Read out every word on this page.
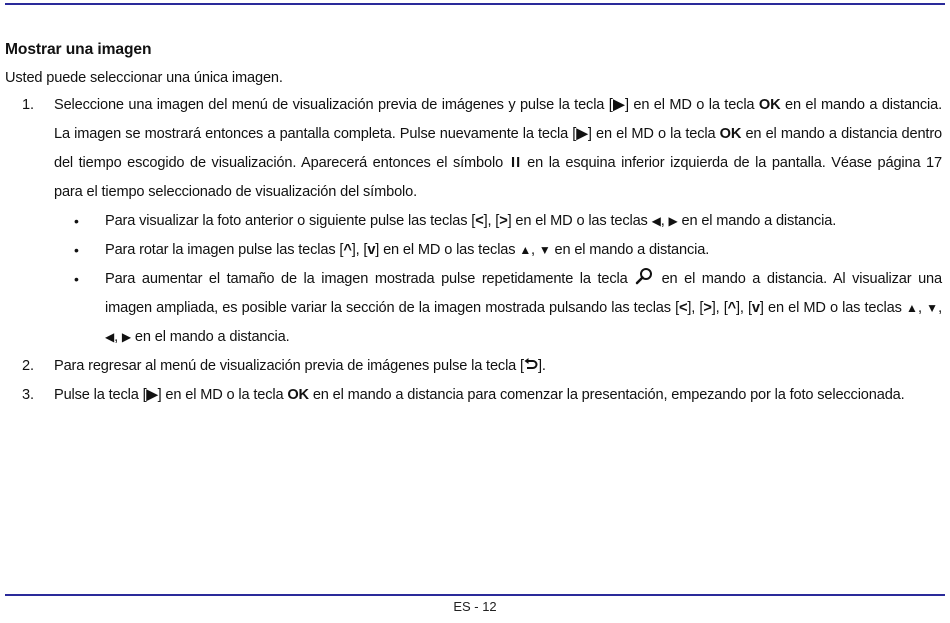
Mostrar una imagen

Usted puede seleccionar una única imagen.

1. Seleccione una imagen del menú de visualización previa de imágenes y pulse la tecla [▶] en el MD o la tecla OK en el mando a distancia. La imagen se mostrará entonces a pantalla completa. Pulse nuevamente la tecla [▶] en el MD o la tecla OK en el mando a distancia dentro del tiempo escogido de visualización. Aparecerá entonces el símbolo II en la esquina inferior izquierda de la pantalla. Véase página 17 para el tiempo seleccionado de visualización del símbolo.
• Para visualizar la foto anterior o siguiente pulse las teclas [<], [>] en el MD o las teclas ◀, ▶ en el mando a distancia.
• Para rotar la imagen pulse las teclas [^], [v] en el MD o las teclas ▲, ▼ en el mando a distancia.
• Para aumentar el tamaño de la imagen mostrada pulse repetidamente la tecla en el mando a distancia. Al visualizar una imagen ampliada, es posible variar la sección de la imagen mostrada pulsando las teclas [<], [>], [^], [v] en el MD o las teclas ▲, ▼, ◀, ▶ en el mando a distancia.
2. Para regresar al menú de visualización previa de imágenes pulse la tecla [ ].
3. Pulse la tecla [▶] en el MD o la tecla OK en el mando a distancia para comenzar la presentación, empezando por la foto seleccionada.
ES - 12
